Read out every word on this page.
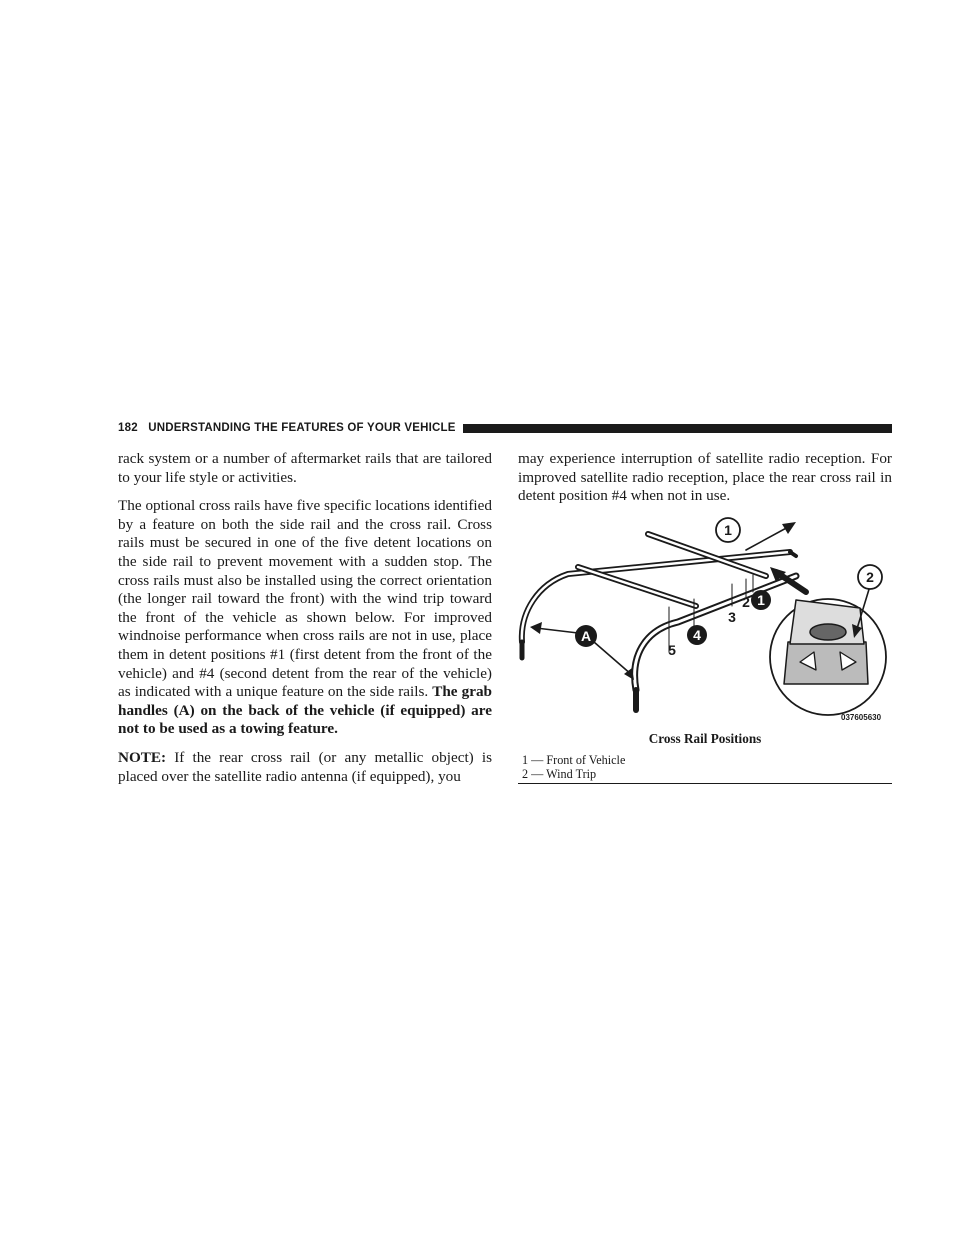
182 UNDERSTANDING THE FEATURES OF YOUR VEHICLE

rack system or a number of aftermarket rails that are tailored to your life style or activities.

The optional cross rails have five specific locations identified by a feature on both the side rail and the cross rail. Cross rails must be secured in one of the five detent locations on the side rail to prevent movement with a sudden stop. The cross rails must also be installed using the correct orientation (the longer rail toward the front) with the wind trip toward the front of the vehicle as shown below. For improved windnoise performance when cross rails are not in use, place them in detent positions #1 (first detent from the front of the vehicle) and #4 (second detent from the rear of the vehicle) as indicated with a unique feature on the side rails. The grab handles (A) on the back of the vehicle (if equipped) are not to be used as a towing feature.

NOTE: If the rear cross rail (or any metallic object) is placed over the satellite radio antenna (if equipped), you

may experience interruption of satellite radio reception. For improved satellite radio reception, place the rear cross rail in detent position #4 when not in use.

1
2
A
1
2
3
4
5
037605630
Cross Rail Positions
1 — Front of Vehicle
2 — Wind Trip
